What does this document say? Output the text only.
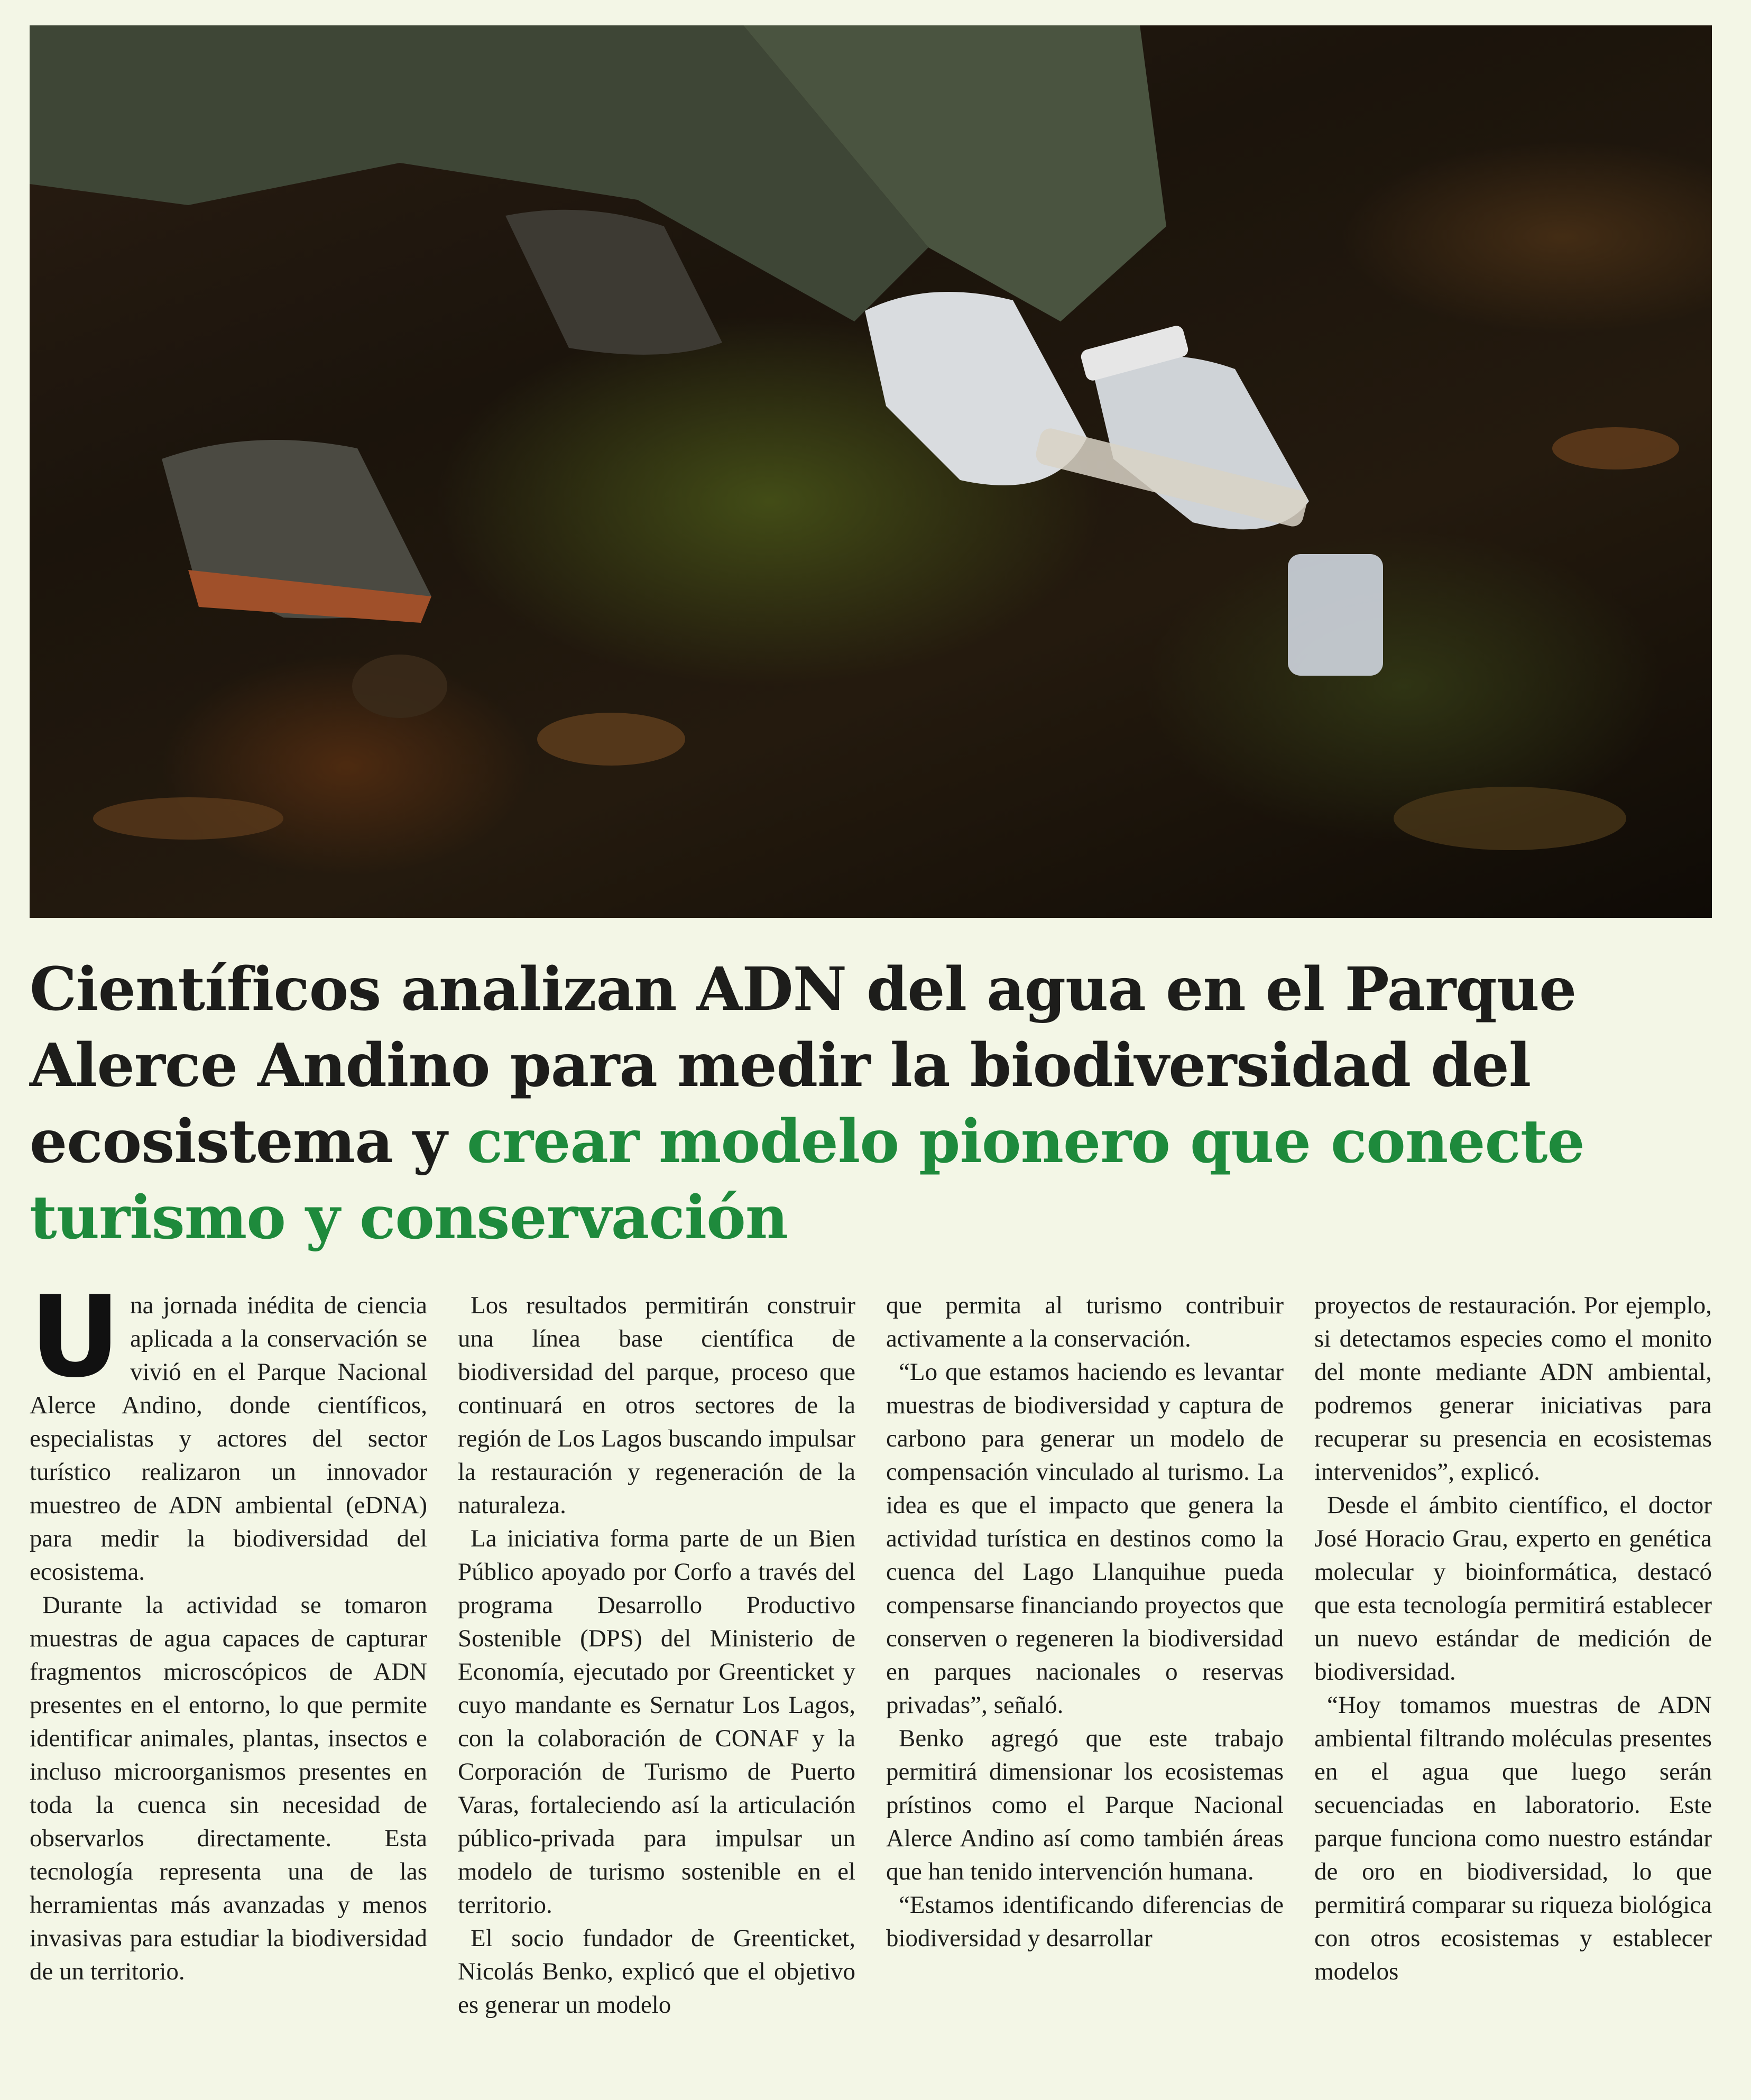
Científicos analizan ADN del agua en el Parque Alerce Andino para medir la biodiversidad del ecosistema y crear modelo pionero que conecte turismo y conservación

Una jornada inédita de ciencia aplicada a la conservación se vivió en el Parque Nacional Alerce Andino, donde científicos, especialistas y actores del sector turístico realizaron un innovador muestreo de ADN ambiental (eDNA) para medir la biodiversidad del ecosistema.

Durante la actividad se tomaron muestras de agua capaces de capturar fragmentos microscópicos de ADN presentes en el entorno, lo que permite identificar animales, plantas, insectos e incluso microorganismos presentes en toda la cuenca sin necesidad de observarlos directamente. Esta tecnología representa una de las herramientas más avanzadas y menos invasivas para estudiar la biodiversidad de un territorio.

Los resultados permitirán construir una línea base científica de biodiversidad del parque, proceso que continuará en otros sectores de la región de Los Lagos buscando impulsar la restauración y regeneración de la naturaleza.

La iniciativa forma parte de un Bien Público apoyado por Corfo a través del programa Desarrollo Productivo Sostenible (DPS) del Ministerio de Economía, ejecutado por Greenticket y cuyo mandante es Sernatur Los Lagos, con la colaboración de CONAF y la Corporación de Turismo de Puerto Varas, fortaleciendo así la articulación público-privada para impulsar un modelo de turismo sostenible en el territorio.

El socio fundador de Greenticket, Nicolás Benko, explicó que el objetivo es generar un modelo

que permita al turismo contribuir activamente a la conservación.

“Lo que estamos haciendo es levantar muestras de biodiversidad y captura de carbono para generar un modelo de compensación vinculado al turismo. La idea es que el impacto que genera la actividad turística en destinos como la cuenca del Lago Llanquihue pueda compensarse financiando proyectos que conserven o regeneren la biodiversidad en parques nacionales o reservas privadas”, señaló.

Benko agregó que este trabajo permitirá dimensionar los ecosistemas prístinos como el Parque Nacional Alerce Andino así como también áreas que han tenido intervención humana.

“Estamos identificando diferencias de biodiversidad y desarrollar

proyectos de restauración. Por ejemplo, si detectamos especies como el monito del monte mediante ADN ambiental, podremos generar iniciativas para recuperar su presencia en ecosistemas intervenidos”, explicó.

Desde el ámbito científico, el doctor José Horacio Grau, experto en genética molecular y bioinformática, destacó que esta tecnología permitirá establecer un nuevo estándar de medición de biodiversidad.

“Hoy tomamos muestras de ADN ambiental filtrando moléculas presentes en el agua que luego serán secuenciadas en laboratorio. Este parque funciona como nuestro estándar de oro en biodiversidad, lo que permitirá comparar su riqueza biológica con otros ecosistemas y establecer modelos
